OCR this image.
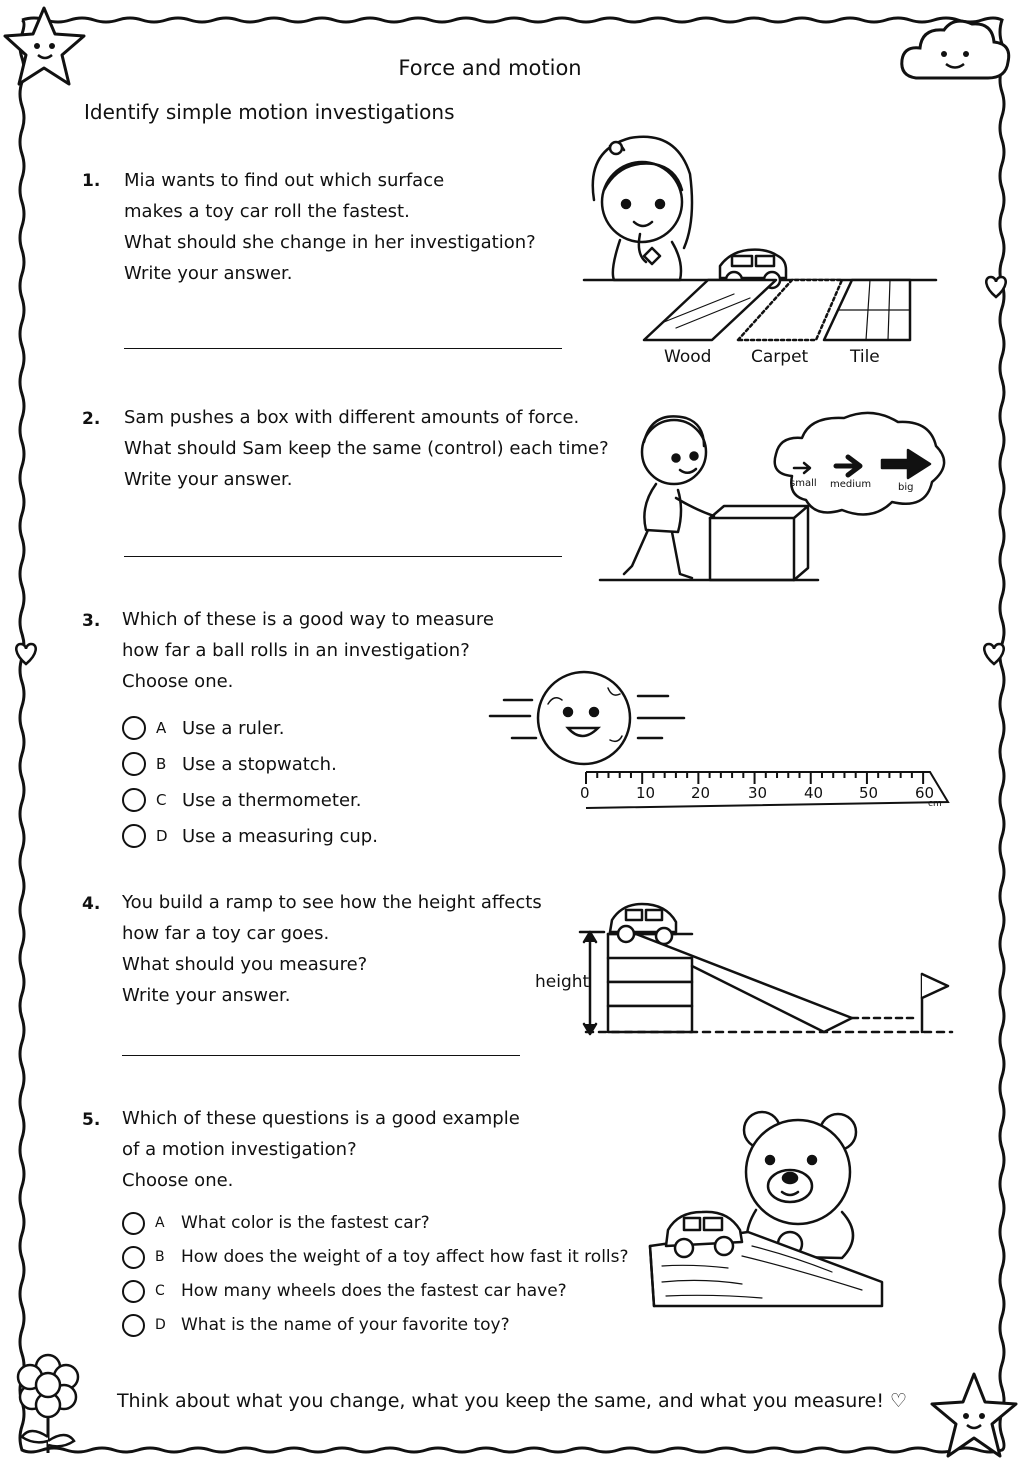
Force and motion
Identify simple motion investigations
1. Mia wants to find out which surface
makes a toy car roll the fastest.
What should she change in her investigation?
Write your answer.
Wood Carpet Tile
2. Sam pushes a box with different amounts of force.
What should Sam keep the same (control) each time?
Write your answer.	small medium	big
3. Which of these is a good way to measure
how far a ball rolls in an investigation?
Choose one.
A Use a ruler.
B Use a stopwatch.
C Use a thermometer.
D Use a measuring cup.
0	10 20	30 40 50 60
cm
4. You build a ramp to see how the height affects
how far a toy car goes.
What should you measure?
Write your answer.
height
5. Which of these questions is a good example
of a motion investigation?
Choose one.
A What color is the fastest car?
B How does the weight of a toy affect how fast it rolls?
C How many wheels does the fastest car have?
D What is the name of your favorite toy?
Think about what you change, what you keep the same, and what you measure! ♡
